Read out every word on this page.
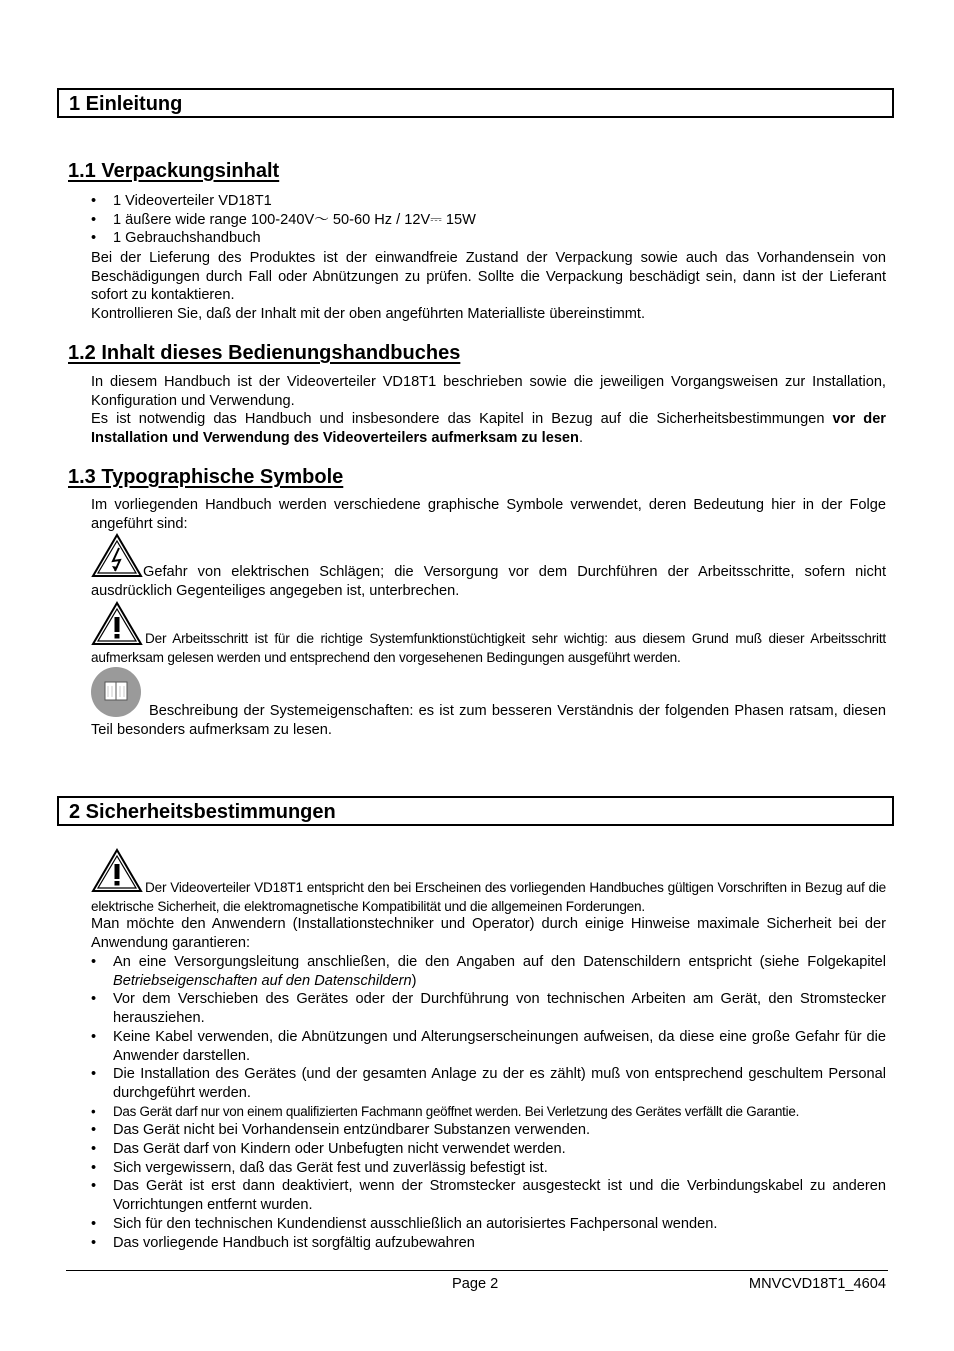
1 Einleitung
1.1 Verpackungsinhalt
• 1 Videoverteiler VD18T1
• 1 äußere wide range 100-240V～ 50-60 Hz / 12V⎓ 15W
• 1 Gebrauchshandbuch

Bei der Lieferung des Produktes ist der einwandfreie Zustand der Verpackung sowie auch das Vorhandensein von Beschädigungen durch Fall oder Abnützungen zu prüfen. Sollte die Verpackung beschädigt sein, dann ist der Lieferant sofort zu kontaktieren.

Kontrollieren Sie, daß der Inhalt mit der oben angeführten Materialliste übereinstimmt.

1.2 Inhalt dieses Bedienungshandbuches

In diesem Handbuch ist der Videoverteiler VD18T1 beschrieben sowie die jeweiligen Vorgangsweisen zur Installation, Konfiguration und Verwendung.

Es ist notwendig das Handbuch und insbesondere das Kapitel in Bezug auf die Sicherheitsbestimmungen vor der Installation und Verwendung des Videoverteilers aufmerksam zu lesen.

1.3 Typographische Symbole

Im vorliegenden Handbuch werden verschiedene graphische Symbole verwendet, deren Bedeutung hier in der Folge angeführt sind:

Gefahr von elektrischen Schlägen; die Versorgung vor dem Durchführen der Arbeitsschritte, sofern nicht ausdrücklich Gegenteiliges angegeben ist, unterbrechen.

Der Arbeitsschritt ist für die richtige Systemfunktionstüchtigkeit sehr wichtig: aus diesem Grund muß dieser Arbeitsschritt aufmerksam gelesen werden und entsprechend den vorgesehenen Bedingungen ausgeführt werden.

Beschreibung der Systemeigenschaften: es ist zum besseren Verständnis der folgenden Phasen ratsam, diesen Teil besonders aufmerksam zu lesen.

2 Sicherheitsbestimmungen

Der Videoverteiler VD18T1 entspricht den bei Erscheinen des vorliegenden Handbuches gültigen Vorschriften in Bezug auf die elektrische Sicherheit, die elektromagnetische Kompatibilität und die allgemeinen Forderungen.

Man möchte den Anwendern (Installationstechniker und Operator) durch einige Hinweise maximale Sicherheit bei der Anwendung garantieren:

• An eine Versorgungsleitung anschließen, die den Angaben auf den Datenschildern entspricht (siehe Folgekapitel Betriebseigenschaften auf den Datenschildern)
• Vor dem Verschieben des Gerätes oder der Durchführung von technischen Arbeiten am Gerät, den Stromstecker herausziehen.
• Keine Kabel verwenden, die Abnützungen und Alterungserscheinungen aufweisen, da diese eine große Gefahr für die Anwender darstellen.
• Die Installation des Gerätes (und der gesamten Anlage zu der es zählt) muß von entsprechend geschultem Personal durchgeführt werden.
• Das Gerät darf nur von einem qualifizierten Fachmann geöffnet werden. Bei Verletzung des Gerätes verfällt die Garantie.
• Das Gerät nicht bei Vorhandensein entzündbarer Substanzen verwenden.
• Das Gerät darf von Kindern oder Unbefugten nicht verwendet werden.
• Sich vergewissern, daß das Gerät fest und zuverlässig befestigt ist.
• Das Gerät ist erst dann deaktiviert, wenn der Stromstecker ausgesteckt ist und die Verbindungskabel zu anderen Vorrichtungen entfernt wurden.
• Sich für den technischen Kundendienst ausschließlich an autorisiertes Fachpersonal wenden.
• Das vorliegende Handbuch ist sorgfältig aufzubewahren
Page 2	MNVCVD18T1_4604
